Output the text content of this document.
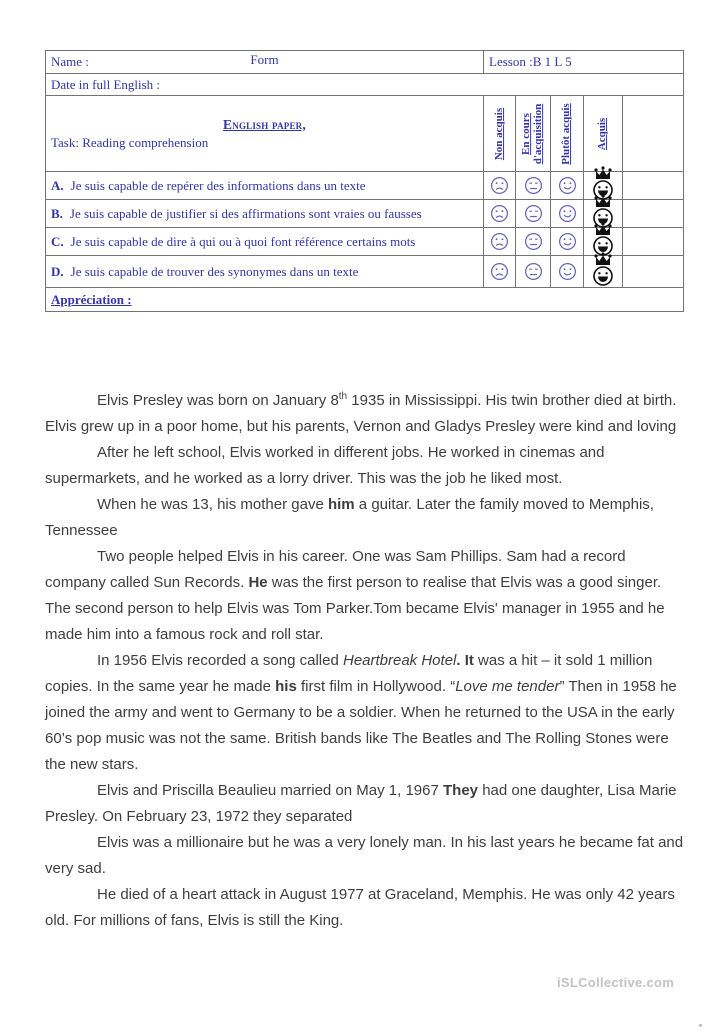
Name : Form	Lesson :B 1 L 5				
Date in full English :					

English paper,
Task: Reading comprehension	Non acquis	En cours d'acquisition	Plutôt acquis	Acquis	

A. Je suis capable de repérer des informations dans un texte				

B. Je suis capable de justifier si des affirmations sont vraies ou fausses				

C. Je suis capable de dire à qui ou à quoi font référence certains mots				

D. Je suis capable de trouver des synonymes dans un texte				

Appréciation :					

Elvis Presley was born on January 8th 1935 in Mississippi. His twin brother died at birth. Elvis grew up in a poor home, but his parents, Vernon and Gladys Presley were kind and loving

After he left school, Elvis worked in different jobs. He worked in cinemas and supermarkets, and he worked as a lorry driver. This was the job he liked most.

When he was 13, his mother gave him a guitar. Later the family moved to Memphis, Tennessee

Two people helped Elvis in his career. One was Sam Phillips. Sam had a record company called Sun Records. He was the first person to realise that Elvis was a good singer. The second person to help Elvis was Tom Parker.Tom became Elvis' manager in 1955 and he made him into a famous rock and roll star.

In 1956 Elvis recorded a song called Heartbreak Hotel. It was a hit – it sold 1 million copies. In the same year he made his first film in Hollywood. “Love me tender” Then in 1958 he joined the army and went to Germany to be a soldier. When he returned to the USA in the early 60’s pop music was not the same. British bands like The Beatles and The Rolling Stones were the new stars.

Elvis and Priscilla Beaulieu married on May 1, 1967 They had one daughter, Lisa Marie Presley. On February 23, 1972 they separated

Elvis was a millionaire but he was a very lonely man. In his last years he became fat and very sad.

He died of a heart attack in August 1977 at Graceland, Memphis. He was only 42 years old. For millions of fans, Elvis is still the King.

iSLCollective.com
